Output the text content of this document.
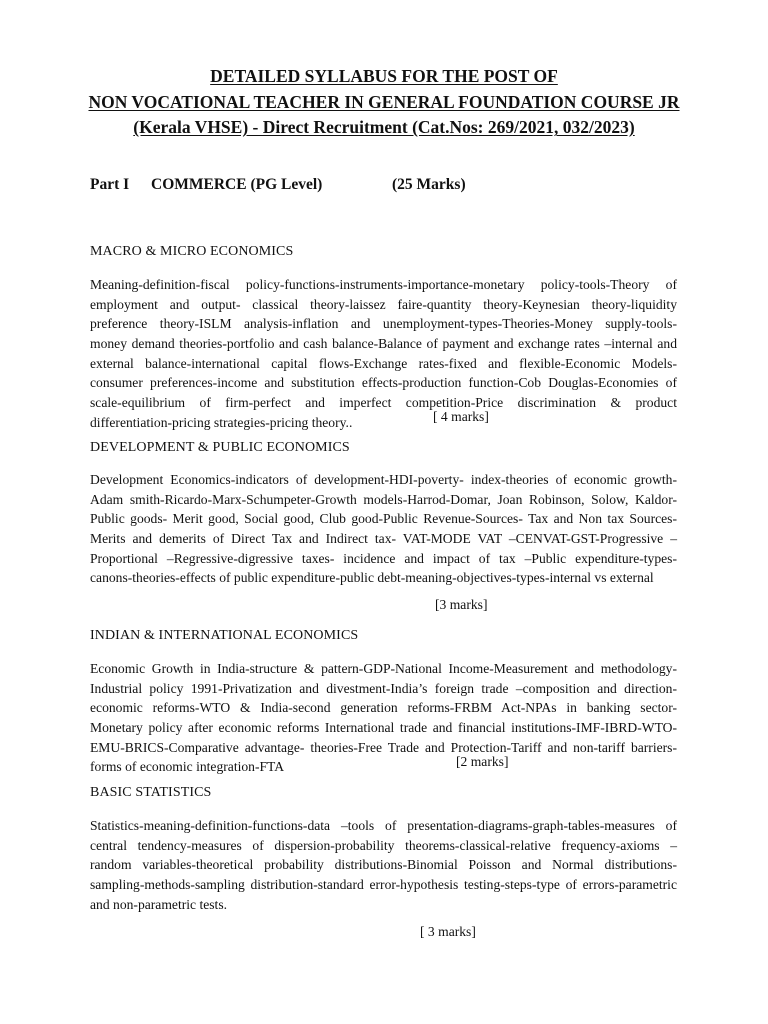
DETAILED SYLLABUS FOR THE POST OF
NON VOCATIONAL TEACHER IN GENERAL FOUNDATION COURSE JR
(Kerala VHSE) - Direct Recruitment (Cat.Nos: 269/2021, 032/2023)
Part I COMMERCE (PG Level)	(25 Marks)
MACRO & MICRO ECONOMICS
Meaning-definition-fiscal policy-functions-instruments-importance-monetary policy-tools-Theory of
employment and output- classical theory-laissez faire-quantity theory-Keynesian theory-liquidity
preference theory-ISLM analysis-inflation and unemployment-types-Theories-Money supply-tools-
money demand theories-portfolio and cash balance-Balance of payment and exchange rates –internal and
external balance-international capital flows-Exchange rates-fixed and flexible-Economic Models-
consumer preferences-income and substitution effects-production function-Cob Douglas-Economies of
scale-equilibrium of firm-perfect and imperfect competition-Price discrimination & product
differentiation-pricing strategies-pricing theory..	[ 4 marks]
DEVELOPMENT & PUBLIC ECONOMICS
Development Economics-indicators of development-HDI-poverty- index-theories of economic growth-
Adam smith-Ricardo-Marx-Schumpeter-Growth models-Harrod-Domar, Joan Robinson, Solow, Kaldor-
Public goods- Merit good, Social good, Club good-Public Revenue-Sources- Tax and Non tax Sources-
Merits and demerits of Direct Tax and Indirect tax- VAT-MODE VAT –CENVAT-GST-Progressive –
Proportional –Regressive-digressive taxes- incidence and impact of tax –Public expenditure-types-
canons-theories-effects of public expenditure-public debt-meaning-objectives-types-internal vs external
[3 marks]
INDIAN & INTERNATIONAL ECONOMICS
Economic Growth in India-structure & pattern-GDP-National Income-Measurement and methodology-
Industrial policy 1991-Privatization and divestment-India’s foreign trade –composition and direction-
economic reforms-WTO & India-second generation reforms-FRBM Act-NPAs in banking sector-
Monetary policy after economic reforms International trade and financial institutions-IMF-IBRD-WTO-
EMU-BRICS-Comparative advantage- theories-Free Trade and Protection-Tariff and non-tariff barriers-
forms of economic integration-FTA	[2 marks]
BASIC STATISTICS
Statistics-meaning-definition-functions-data –tools of presentation-diagrams-graph-tables-measures of
central tendency-measures of dispersion-probability theorems-classical-relative frequency-axioms –
random variables-theoretical probability distributions-Binomial Poisson and Normal distributions-
sampling-methods-sampling distribution-standard error-hypothesis testing-steps-type of errors-parametric
and non-parametric tests.
[ 3 marks]
